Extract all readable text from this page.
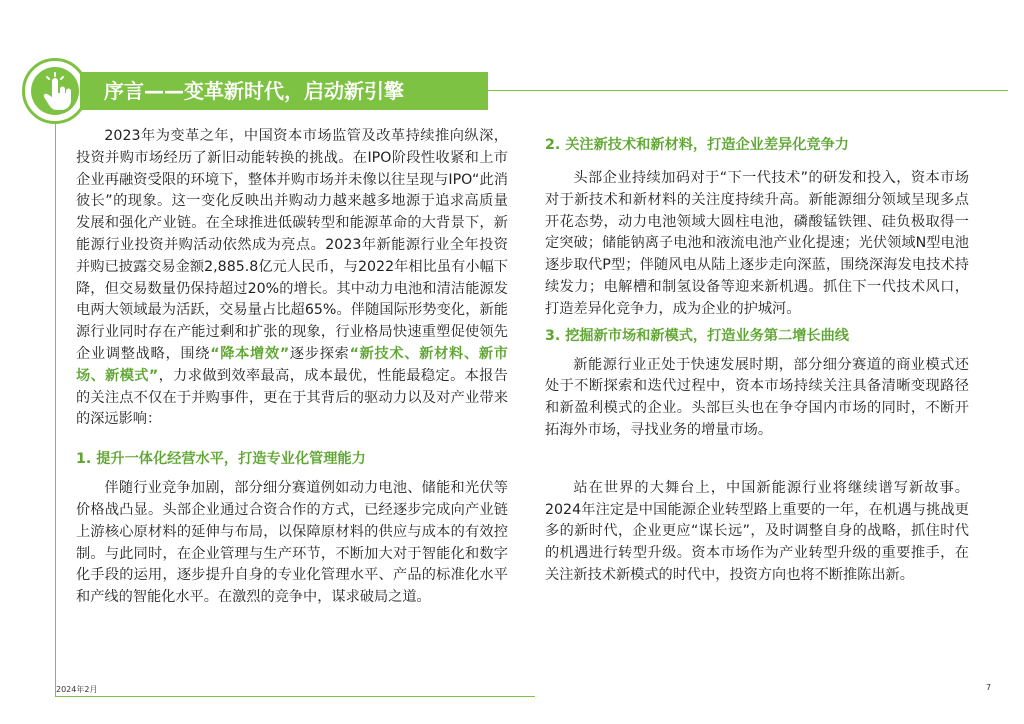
序言——变革新时代，启动新引擎

2023年为变革之年，中国资本市场监管及改革持续推向纵深，投资并购市场经历了新旧动能转换的挑战。在IPO阶段性收紧和上市企业再融资受限的环境下，整体并购市场并未像以往呈现与IPO“此消彼长”的现象。这一变化反映出并购动力越来越多地源于追求高质量发展和强化产业链。在全球推进低碳转型和能源革命的大背景下，新能源行业投资并购活动依然成为亮点。2023年新能源行业全年投资并购已披露交易金额2,885.8亿元人民币，与2022年相比虽有小幅下降，但交易数量仍保持超过20%的增长。其中动力电池和清洁能源发电两大领域最为活跃，交易量占比超65%。伴随国际形势变化，新能源行业同时存在产能过剩和扩张的现象，行业格局快速重塑促使领先企业调整战略，围绕“降本增效”逐步探索“新技术、新材料、新市场、新模式”，力求做到效率最高，成本最优，性能最稳定。本报告的关注点不仅在于并购事件，更在于其背后的驱动力以及对产业带来的深远影响：

1. 提升一体化经营水平，打造专业化管理能力

伴随行业竞争加剧，部分细分赛道例如动力电池、储能和光伏等价格战凸显。头部企业通过合资合作的方式，已经逐步完成向产业链上游核心原材料的延伸与布局，以保障原材料的供应与成本的有效控制。与此同时，在企业管理与生产环节，不断加大对于智能化和数字化手段的运用，逐步提升自身的专业化管理水平、产品的标准化水平和产线的智能化水平。在激烈的竞争中，谋求破局之道。

2. 关注新技术和新材料，打造企业差异化竞争力

头部企业持续加码对于“下一代技术”的研发和投入，资本市场对于新技术和新材料的关注度持续升高。新能源细分领域呈现多点开花态势，动力电池领域大圆柱电池，磷酸锰铁锂、硅负极取得一定突破；储能钠离子电池和液流电池产业化提速；光伏领域N型电池逐步取代P型；伴随风电从陆上逐步走向深蓝，围绕深海发电技术持续发力；电解槽和制氢设备等迎来新机遇。抓住下一代技术风口，打造差异化竞争力，成为企业的护城河。

3. 挖掘新市场和新模式，打造业务第二增长曲线

新能源行业正处于快速发展时期，部分细分赛道的商业模式还处于不断探索和迭代过程中，资本市场持续关注具备清晰变现路径和新盈利模式的企业。头部巨头也在争夺国内市场的同时，不断开拓海外市场，寻找业务的增量市场。

站在世界的大舞台上，中国新能源行业将继续谱写新故事。2024年注定是中国能源企业转型路上重要的一年，在机遇与挑战更多的新时代，企业更应“谋长远”，及时调整自身的战略，抓住时代的机遇进行转型升级。资本市场作为产业转型升级的重要推手，在关注新技术新模式的时代中，投资方向也将不断推陈出新。

2024年2月	7
